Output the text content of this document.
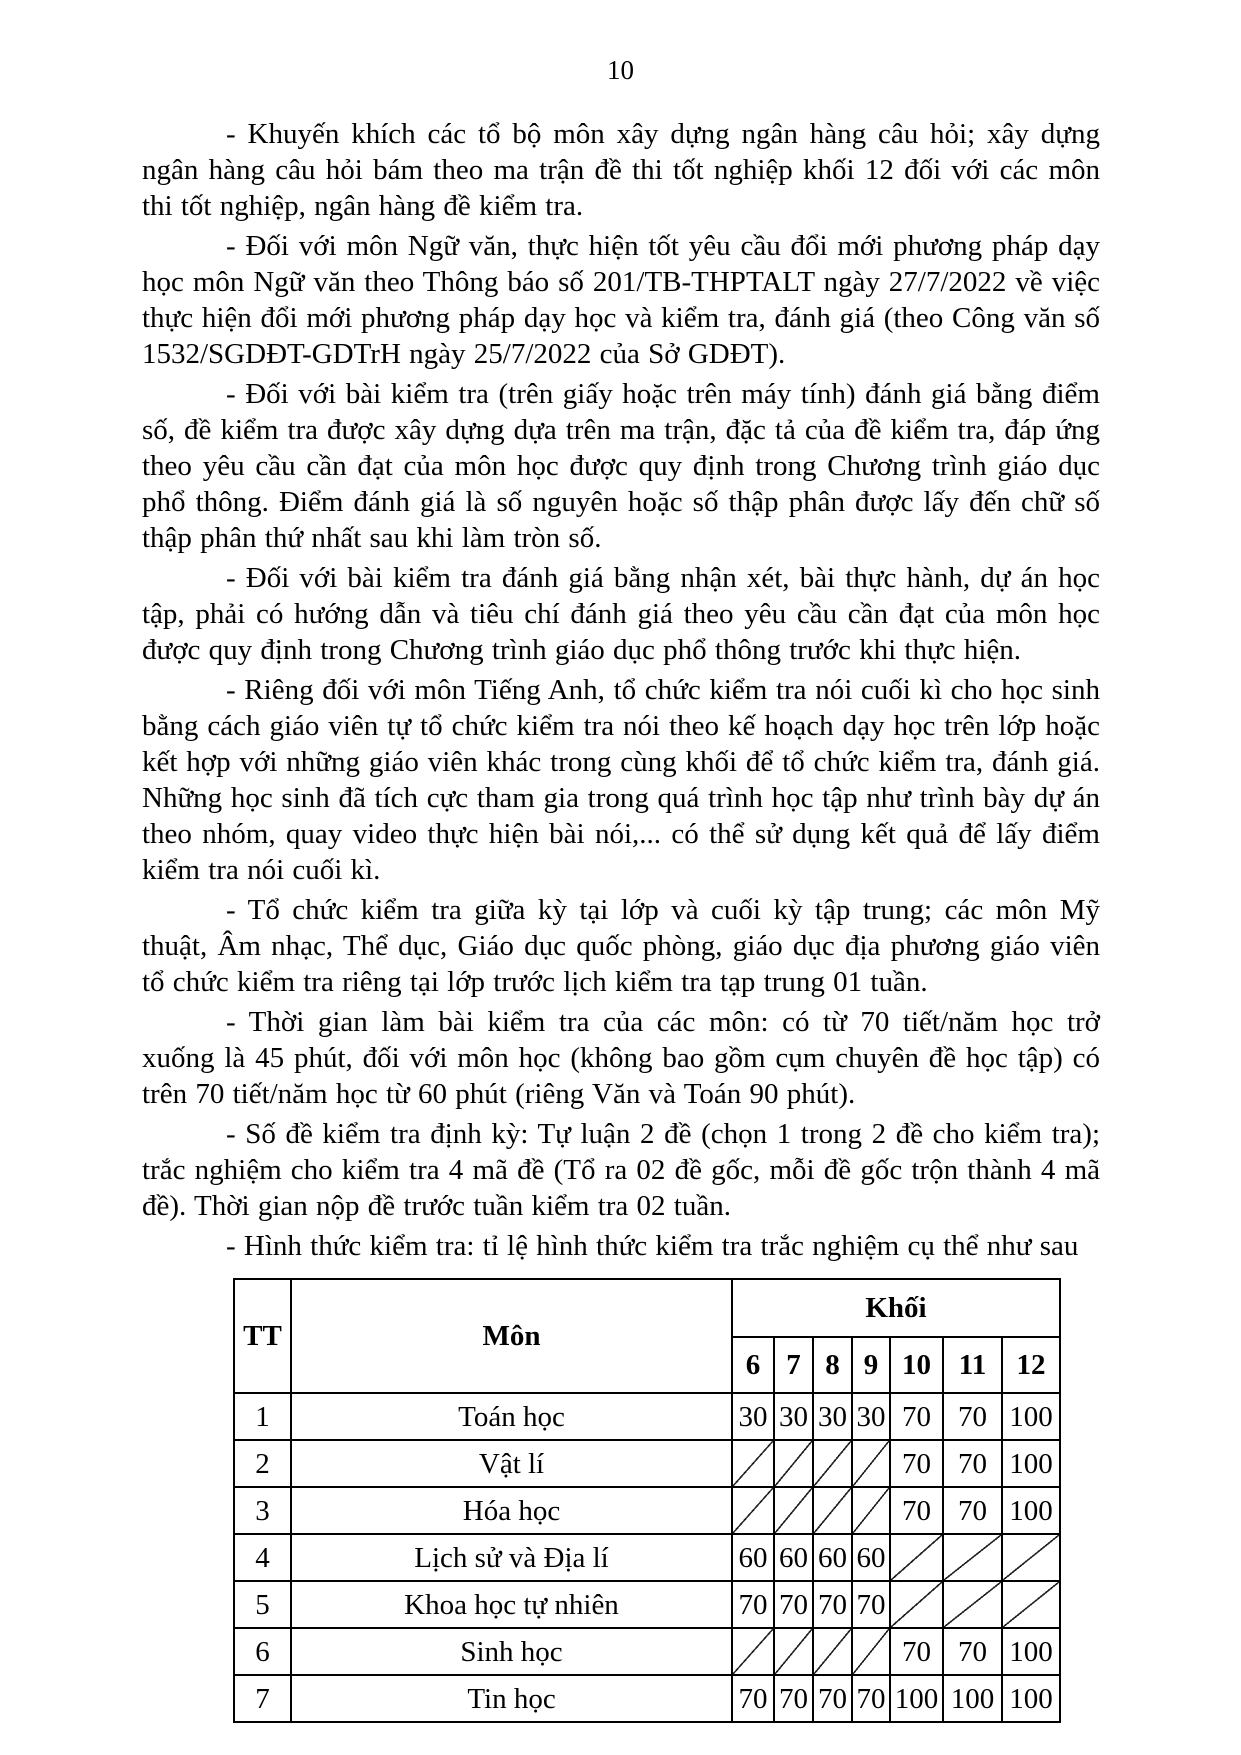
10

- Khuyến khích các tổ bộ môn xây dựng ngân hàng câu hỏi; xây dựng ngân hàng câu hỏi bám theo ma trận đề thi tốt nghiệp khối 12 đối với các môn thi tốt nghiệp, ngân hàng đề kiểm tra.

- Đối với môn Ngữ văn, thực hiện tốt yêu cầu đổi mới phương pháp dạy học môn Ngữ văn theo Thông báo số 201/TB-THPTALT ngày 27/7/2022 về việc thực hiện đổi mới phương pháp dạy học và kiểm tra, đánh giá (theo Công văn số 1532/SGDĐT-GDTrH ngày 25/7/2022 của Sở GDĐT).

- Đối với bài kiểm tra (trên giấy hoặc trên máy tính) đánh giá bằng điểm số, đề kiểm tra được xây dựng dựa trên ma trận, đặc tả của đề kiểm tra, đáp ứng theo yêu cầu cần đạt của môn học được quy định trong Chương trình giáo dục phổ thông. Điểm đánh giá là số nguyên hoặc số thập phân được lấy đến chữ số thập phân thứ nhất sau khi làm tròn số.

- Đối với bài kiểm tra đánh giá bằng nhận xét, bài thực hành, dự án học tập, phải có hướng dẫn và tiêu chí đánh giá theo yêu cầu cần đạt của môn học được quy định trong Chương trình giáo dục phổ thông trước khi thực hiện.

- Riêng đối với môn Tiếng Anh, tổ chức kiểm tra nói cuối kì cho học sinh bằng cách giáo viên tự tổ chức kiểm tra nói theo kế hoạch dạy học trên lớp hoặc kết hợp với những giáo viên khác trong cùng khối để tổ chức kiểm tra, đánh giá. Những học sinh đã tích cực tham gia trong quá trình học tập như trình bày dự án theo nhóm, quay video thực hiện bài nói,... có thể sử dụng kết quả để lấy điểm kiểm tra nói cuối kì.

- Tổ chức kiểm tra giữa kỳ tại lớp và cuối kỳ tập trung; các môn Mỹ thuật, Âm nhạc, Thể dục, Giáo dục quốc phòng, giáo dục địa phương giáo viên tổ chức kiểm tra riêng tại lớp trước lịch kiểm tra tạp trung 01 tuần.

- Thời gian làm bài kiểm tra của các môn: có từ 70 tiết/năm học trở xuống là 45 phút, đối với môn học (không bao gồm cụm chuyên đề học tập) có trên 70 tiết/năm học từ 60 phút (riêng Văn và Toán 90 phút).

- Số đề kiểm tra định kỳ: Tự luận 2 đề (chọn 1 trong 2 đề cho kiểm tra); trắc nghiệm cho kiểm tra 4 mã đề (Tổ ra 02 đề gốc, mỗi đề gốc trộn thành 4 mã đề). Thời gian nộp đề trước tuần kiểm tra 02 tuần.

- Hình thức kiểm tra: tỉ lệ hình thức kiểm tra trắc nghiệm cụ thể như sau

TT	Môn	Khối						
		6	7	8	9	10	11	12
1	Toán học	30	30	30	30	70	70	100
2	Vật lí					70	70	100
3	Hóa học					70	70	100
4	Lịch sử và Địa lí	60	60	60	60			
5	Khoa học tự nhiên	70	70	70	70			
6	Sinh học					70	70	100
7	Tin học	70	70	70	70	100	100	100
